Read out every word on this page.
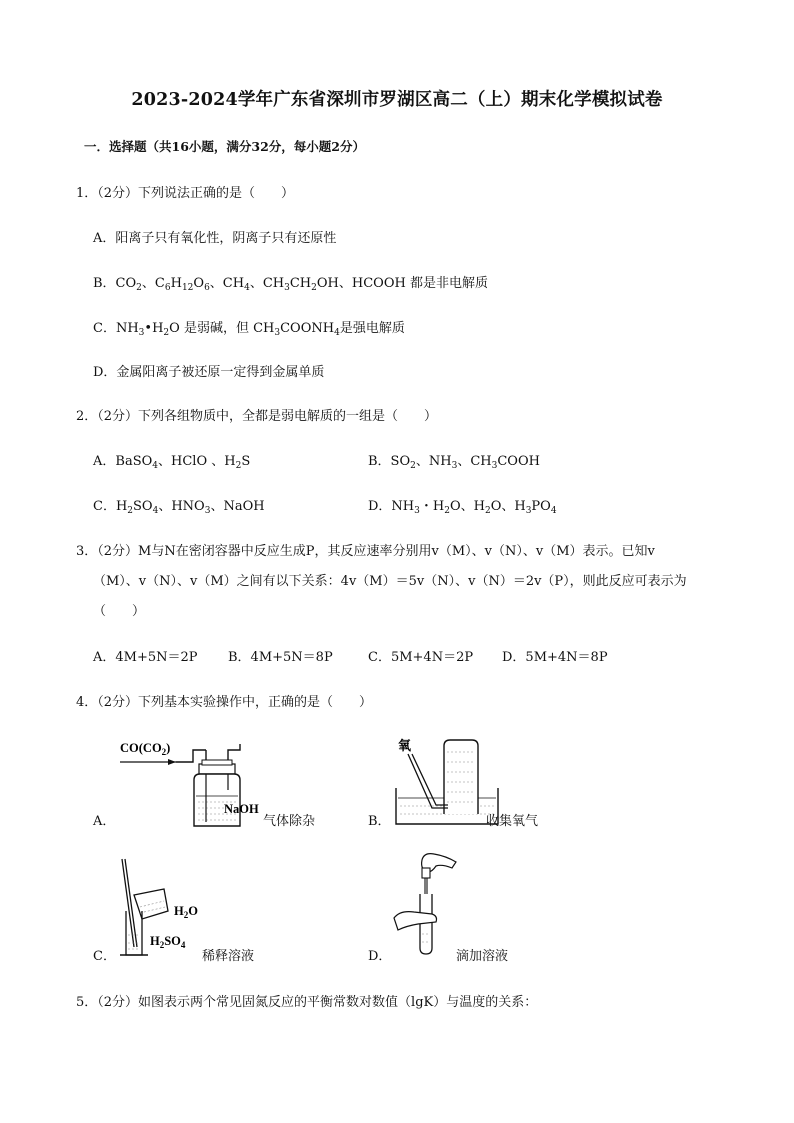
2023-2024学年广东省深圳市罗湖区高二（上）期末化学模拟试卷
一．选择题（共16小题，满分32分，每小题2分）
1．（2分）下列说法正确的是（　　）
A．阳离子只有氧化性，阴离子只有还原性
B．$CO_2$、$C_6H_{12}O_6$、$CH_4$、$CH_3CH_2OH$、HCOOH 都是非电解质
C．$NH_3•H_2O$ 是弱碱，但 $CH_3COONH_4$是强电解质
D．金属阳离子被还原一定得到金属单质
2．（2分）下列各组物质中，全都是弱电解质的一组是（　　）
A．BaSO$_4$、HClO 、$H_2S$	B．$SO_2$、$NH_3$、$CH_3COOH$
C．$H_2SO_4$、$HNO_3$、NaOH	D．$NH_3$・$H_2O$、$H_2O$、$H_3PO_4$
3．（2分）M与N在密闭容器中反应生成P，其反应速率分别用v（M）、v（N）、v（M）表示。已知v
（M）、v（N）、v（M）之间有以下关系：4v（M）＝5v（N）、v（N）＝2v（P），则此反应可表示为
（　　）
A．4M+5N＝2P B．4M+5N＝8P	C．5M+4N＝2P D．5M+4N＝8P
4．（2分）下列基本实验操作中，正确的是（　　）
A．
$CO(CO_2)$
NaOH
气体除杂	B．
氧
收集氧气
C．
$H_2O$
$H_2SO_4$
稀释溶液	D．	滴加溶液
5．（2分）如图表示两个常见固氮反应的平衡常数对数值（lgK）与温度的关系：
